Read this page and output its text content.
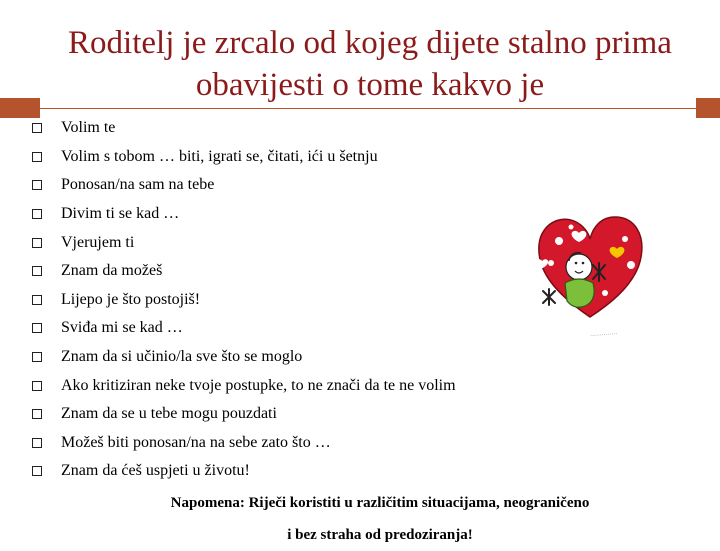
Roditelj je zrcalo od kojeg dijete stalno prima obavijesti o tome kakvo je
Volim te
Volim s tobom … biti, igrati se, čitati, ići u šetnju
Ponosan/na sam na tebe
Divim ti se kad …
Vjerujem ti
Znam da možeš
Lijepo je što postojiš!
Sviđa mi se kad …
Znam da si učinio/la sve što se moglo
Ako kritiziran neke tvoje postupke, to ne znači da te ne volim
Znam da se u tebe mogu pouzdati
Možeš biti ponosan/na na sebe zato što …
Znam da ćeš uspjeti u životu!
..............
Napomena: Riječi koristiti u različitim situacijama, neograničeno
i bez straha od predoziranja!
